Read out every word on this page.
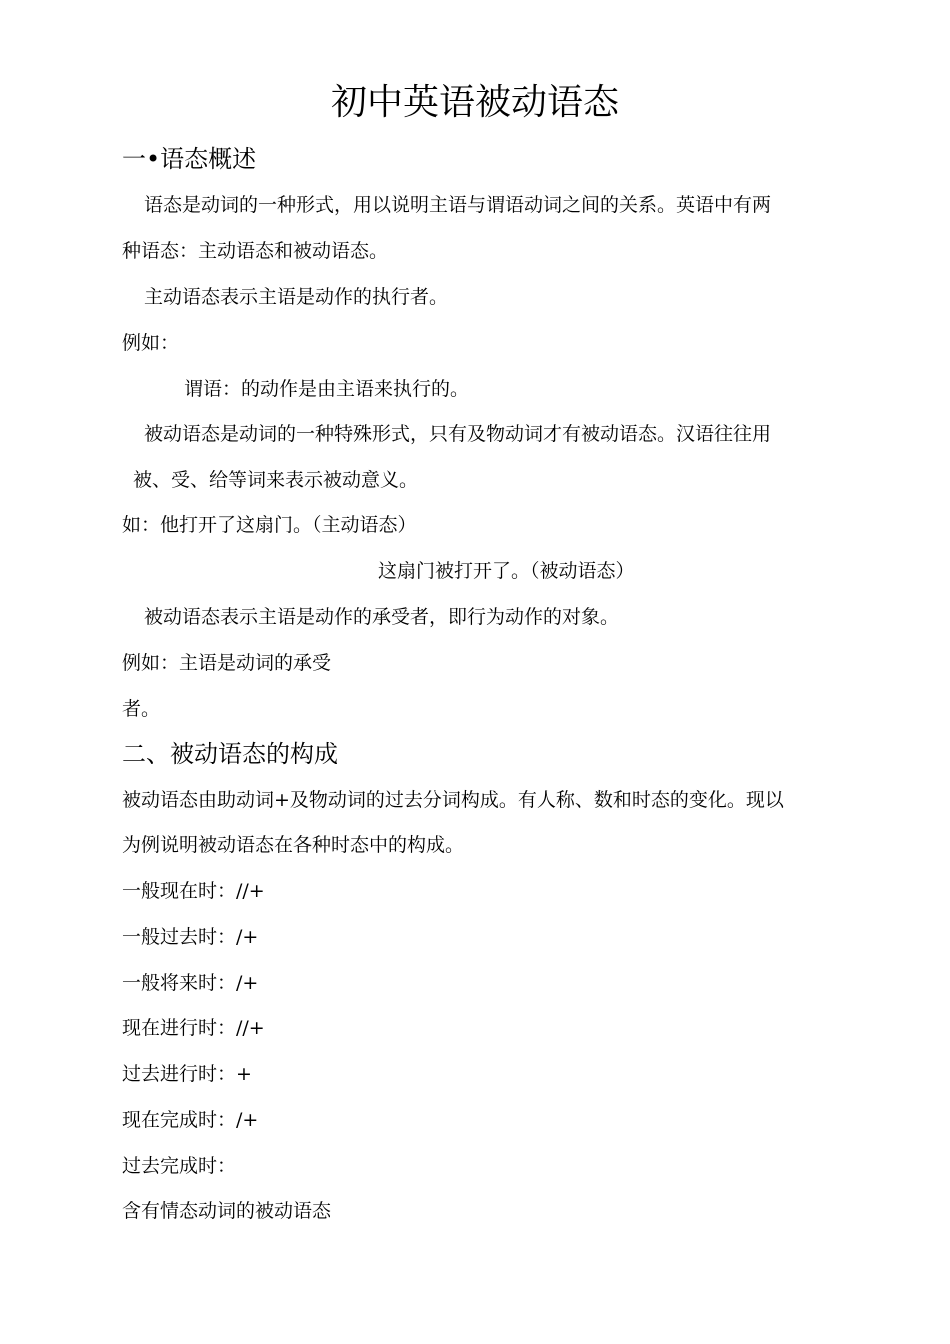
初中英语被动语态
一•语态概述
语态是动词的一种形式，用以说明主语与谓语动词之间的关系。英语中有两
种语态：主动语态和被动语态。
主动语态表示主语是动作的执行者。
例如：
谓语：的动作是由主语来执行的。
被动语态是动词的一种特殊形式，只有及物动词才有被动语态。汉语往往用
被、受、给等词来表示被动意义。
如：他打开了这扇门。（主动语态）
这扇门被打开了。（被动语态）
被动语态表示主语是动作的承受者，即行为动作的对象。
例如：主语是动词的承受
者。
二、被动语态的构成
被动语态由助动词+及物动词的过去分词构成。有人称、数和时态的变化。现以
为例说明被动语态在各种时态中的构成。
一般现在时：//+
一般过去时：/+
一般将来时：/+
现在进行时：//+
过去进行时：+
现在完成时：/+
过去完成时：
含有情态动词的被动语态
